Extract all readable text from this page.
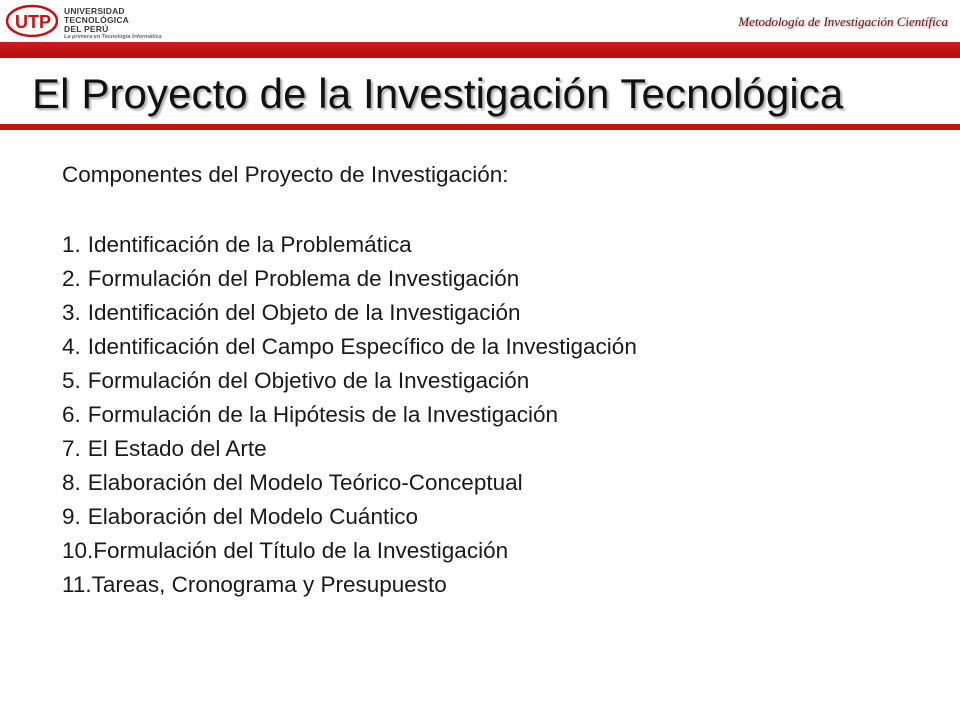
UTP
UNIVERSIDAD
TECNOLÓGICA
DEL PERÚ
La primera en Tecnología Informática
Metodología de Investigación Científica
El Proyecto de la Investigación Tecnológica

Componentes del Proyecto de Investigación:

1. Identificación de la Problemática
2. Formulación del Problema de Investigación
3. Identificación del Objeto de la Investigación
4. Identificación del Campo Específico de la Investigación
5. Formulación del Objetivo de la Investigación
6. Formulación de la Hipótesis de la Investigación
7. El Estado del Arte
8. Elaboración del Modelo Teórico-Conceptual
9. Elaboración del Modelo Cuántico
10. Formulación del Título de la Investigación
11. Tareas, Cronograma y Presupuesto
